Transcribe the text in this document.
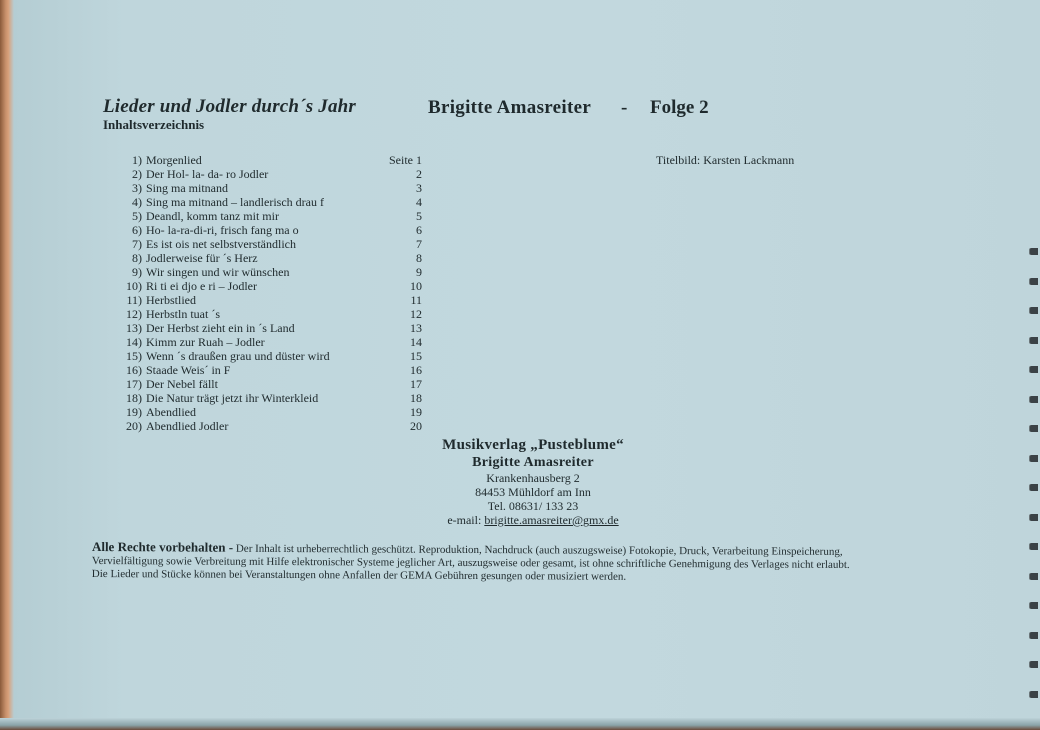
Lieder und Jodler durch´s Jahr	Brigitte Amasreiter - Folge 2
Inhaltsverzeichnis
1) Morgenlied	Seite 1
2) Der Hol- la- da- ro Jodler	2
3) Sing ma mitnand	3
4) Sing ma mitnand – landlerisch drau f	4
5) Deandl, komm tanz mit mir	5
6) Ho- la-ra-di-ri, frisch fang ma o	6
7) Es ist ois net selbstverständlich	7
8) Jodlerweise für ´s Herz	8
9) Wir singen und wir wünschen	9
10) Ri ti ei djo e ri – Jodler	10
11) Herbstlied	11
12) Herbstln tuat ´s	12
13) Der Herbst zieht ein in ´s Land	13
14) Kimm zur Ruah – Jodler	14
15) Wenn ´s draußen grau und düster wird	15
16) Staade Weis´ in F	16
17) Der Nebel fällt	17
18) Die Natur trägt jetzt ihr Winterkleid	18
19) Abendlied	19
20) Abendlied Jodler	20
Titelbild: Karsten Lackmann
Musikverlag „Pusteblume“
Brigitte Amasreiter
Krankenhausberg 2
84453 Mühldorf am Inn
Tel. 08631/ 133 23
e-mail: brigitte.amasreiter@gmx.de
Alle Rechte vorbehalten - Der Inhalt ist urheberrechtlich geschützt. Reproduktion, Nachdruck (auch auszugsweise) Fotokopie, Druck, Verarbeitung Einspeicherung,
Vervielfältigung sowie Verbreitung mit Hilfe elektronischer Systeme jeglicher Art, auszugsweise oder gesamt, ist ohne schriftliche Genehmigung des Verlages nicht erlaubt.
Die Lieder und Stücke können bei Veranstaltungen ohne Anfallen der GEMA Gebühren gesungen oder musiziert werden.
